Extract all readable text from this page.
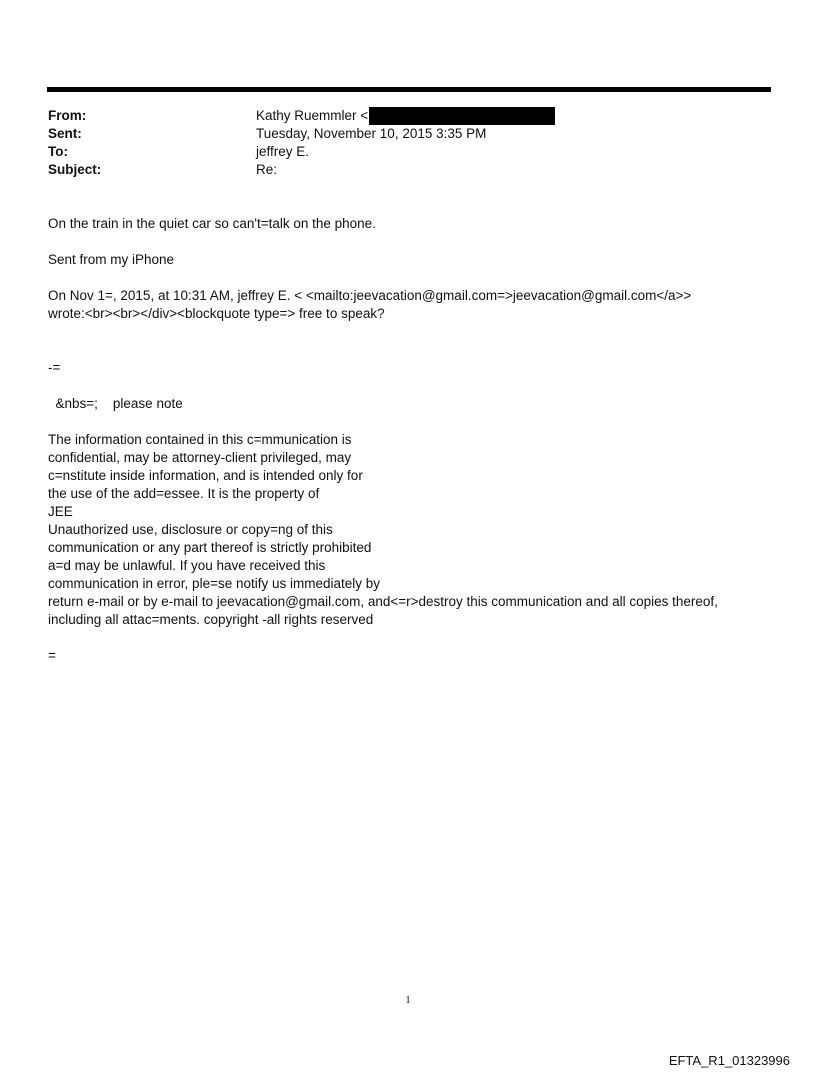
From:	Kathy Ruemmler <
Sent:	Tuesday, November 10, 2015 3:35 PM
To:	jeffrey E.
Subject:	Re:
On the train in the quiet car so can't=talk on the phone.
Sent from my iPhone
On Nov 1=, 2015, at 10:31 AM, jeffrey E. < <mailto:jeevacation@gmail.com=>jeevacation@gmail.com</a>>
wrote:<br><br></div><blockquote type=> free to speak?
-=
&nbs=;    please note
The information contained in this c=mmunication is
confidential, may be attorney-client privileged, may
c=nstitute inside information, and is intended only for
the use of the add=essee. It is the property of
JEE
Unauthorized use, disclosure or copy=ng of this
communication or any part thereof is strictly prohibited
a=d may be unlawful. If you have received this
communication in error, ple=se notify us immediately by
return e-mail or by e-mail to jeevacation@gmail.com, and<=r>destroy this communication and all copies thereof,
including all attac=ments. copyright -all rights reserved
=
1
EFTA_R1_01323996
